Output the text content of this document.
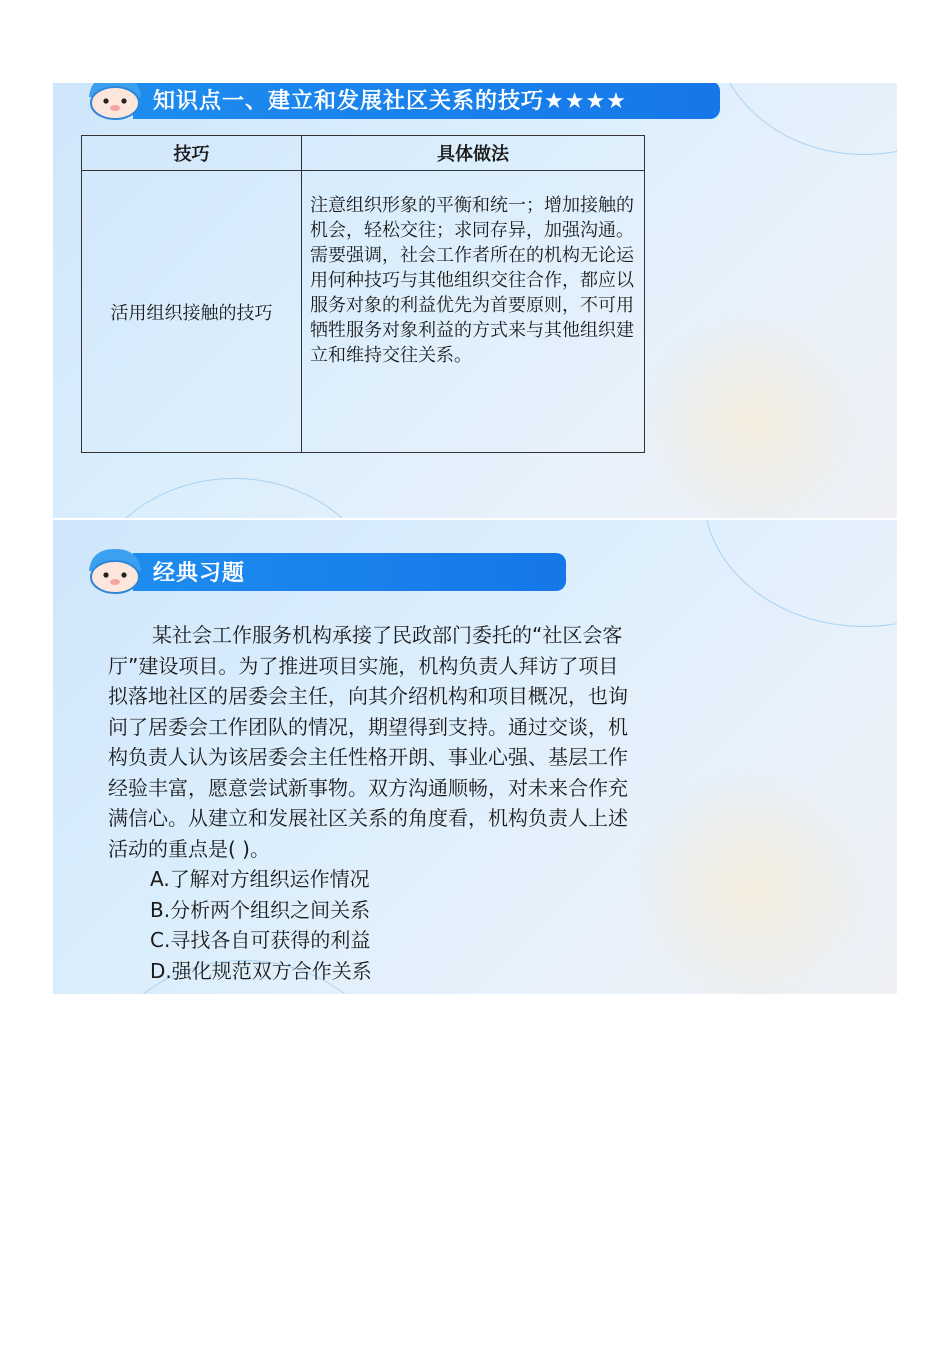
知识点一、建立和发展社区关系的技巧★★★★
技巧	具体做法
活用组织接触的技巧	注意组织形象的平衡和统一；增加接触的机会，轻松交往；求同存异，加强沟通。

需要强调，社会工作者所在的机构无论运用何种技巧与其他组织交往合作，都应以服务对象的利益优先为首要原则，不可用牺牲服务对象利益的方式来与其他组织建立和维持交往关系。

经典习题

某社会工作服务机构承接了民政部门委托的“社区会客厅”建设项目。为了推进项目实施，机构负责人拜访了项目拟落地社区的居委会主任，向其介绍机构和项目概况，也询问了居委会工作团队的情况，期望得到支持。通过交谈，机构负责人认为该居委会主任性格开朗、事业心强、基层工作经验丰富，愿意尝试新事物。双方沟通顺畅，对未来合作充满信心。从建立和发展社区关系的角度看，机构负责人上述活动的重点是( )。

A.了解对方组织运作情况

B.分析两个组织之间关系

C.寻找各自可获得的利益

D.强化规范双方合作关系
